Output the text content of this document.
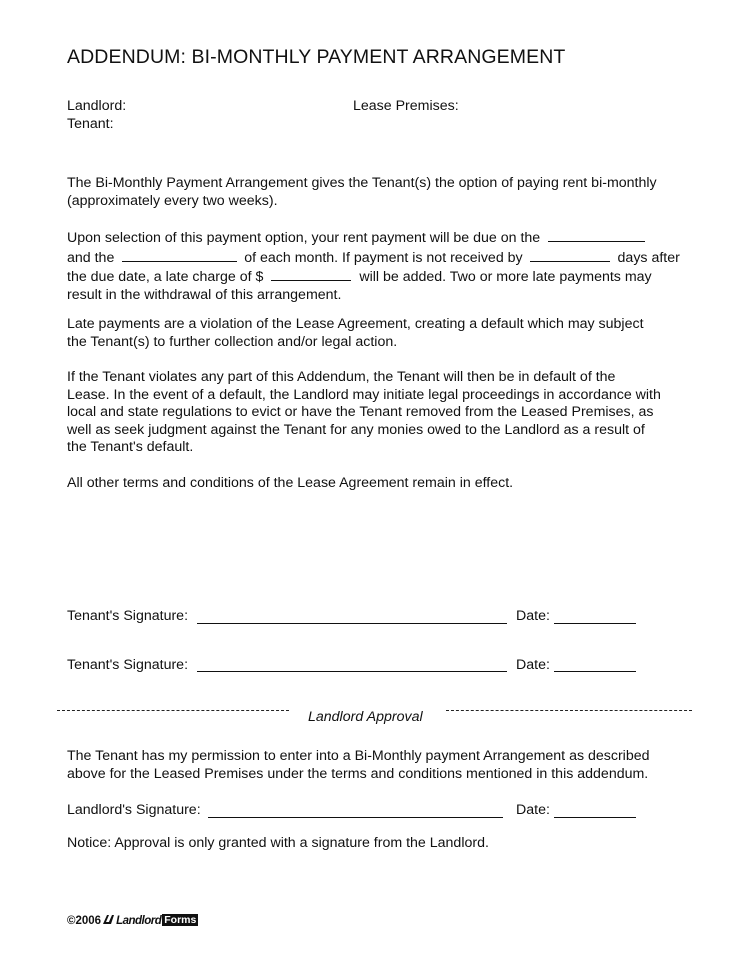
ADDENDUM: BI-MONTHLY PAYMENT ARRANGEMENT
Landlord:	Lease Premises:
Tenant:
The Bi-Monthly Payment Arrangement gives the Tenant(s) the option of paying rent bi-monthly
(approximately every two weeks).
Upon selection of this payment option, your rent payment will be due on the
and the	of each month. If payment is not received by	days after
the due date, a late charge of $	will be added. Two or more late payments may
result in the withdrawal of this arrangement.
Late payments are a violation of the Lease Agreement, creating a default which may subject
the Tenant(s) to further collection and/or legal action.
If the Tenant violates any part of this Addendum, the Tenant will then be in default of the
Lease. In the event of a default, the Landlord may initiate legal proceedings in accordance with
local and state regulations to evict or have the Tenant removed from the Leased Premises, as
well as seek judgment against the Tenant for any monies owed to the Landlord as a result of
the Tenant's default.
All other terms and conditions of the Lease Agreement remain in effect.
Tenant's Signature:	Date:
Tenant's Signature:	Date:
Landlord Approval
The Tenant has my permission to enter into a Bi-Monthly payment Arrangement as described
above for the Leased Premises under the terms and conditions mentioned in this addendum.
Landlord's Signature:	Date:
Notice: Approval is only granted with a signature from the Landlord.
©2006 Landlord Forms
